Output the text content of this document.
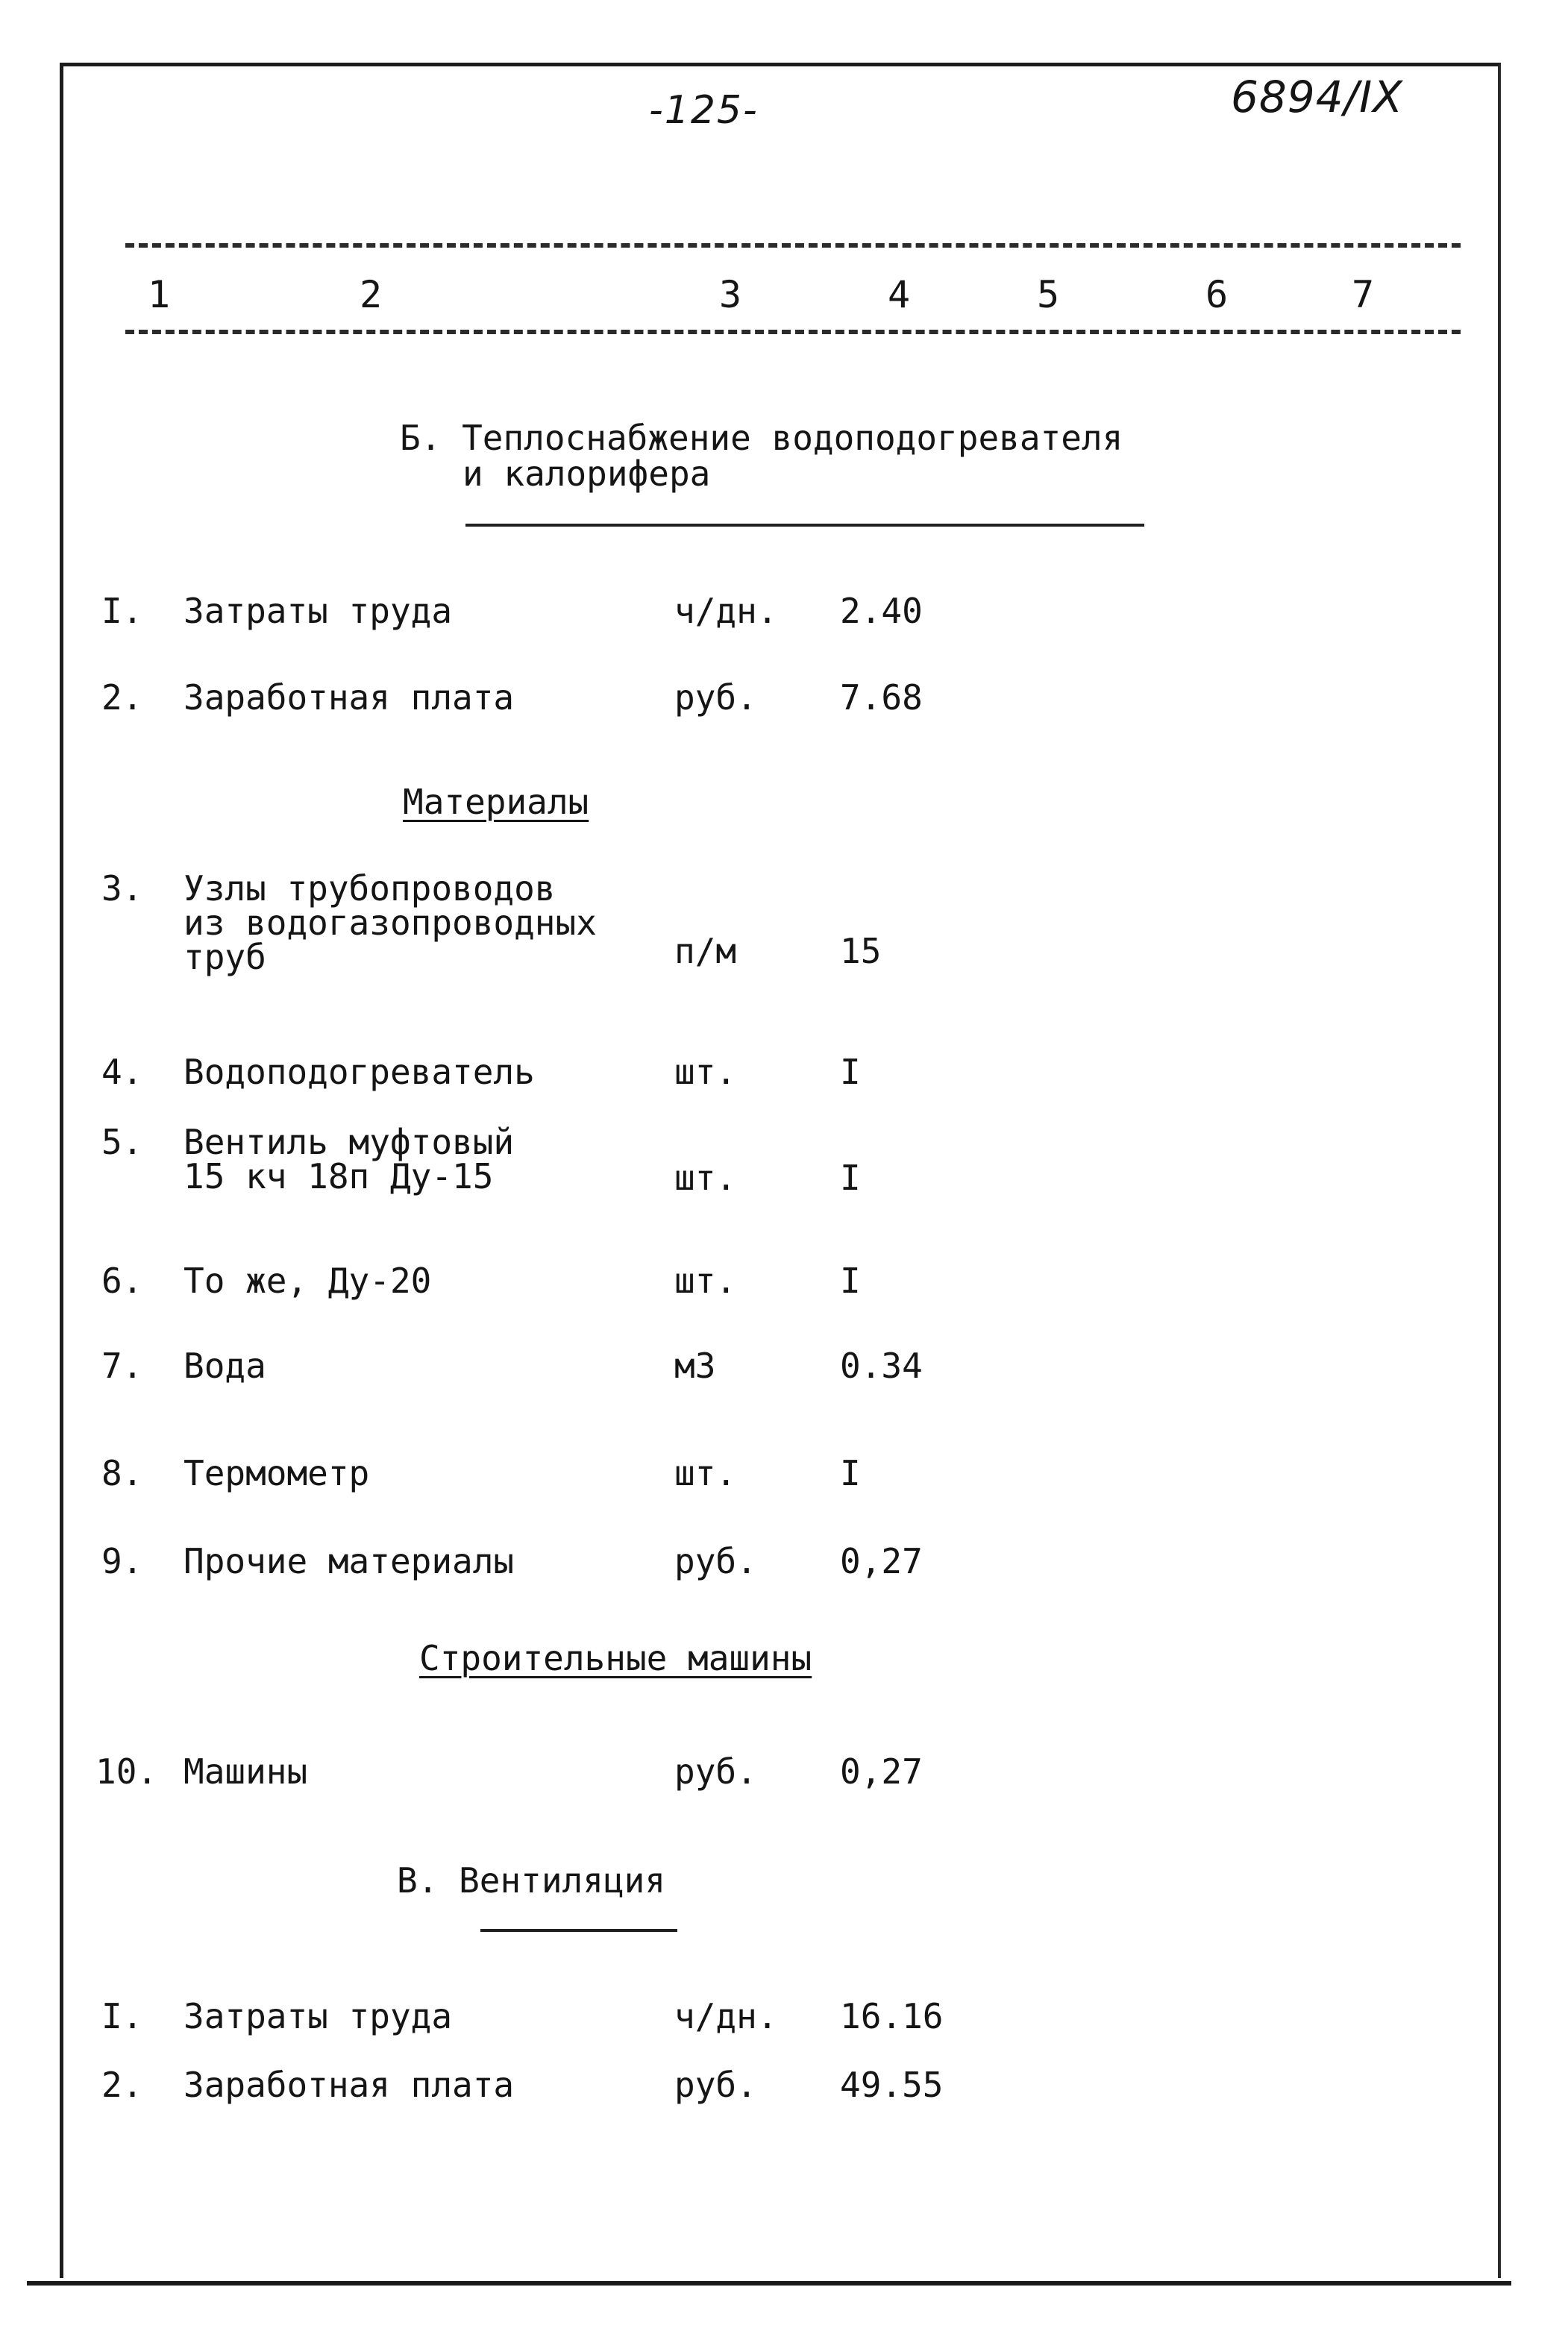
-125-	6894/IX
1	2	3	4	5	6	7
Б. Теплоснабжение водоподогревателя
и калорифера
I. Затраты труда	ч/дн. 2.40
2. Заработная плата	руб. 7.68
Материалы
3. Узлы трубопроводов
из водогазопроводных
труб	п/м	15
4. Водоподогреватель	шт.	I
5. Вентиль муфтовый
15 кч 18п Ду-15	шт.	I
6. То же, Ду-20	шт.	I
7. Вода	м3	0.34
8. Термометр	шт.	I
9. Прочие материалы	руб. 0,27
Строительные машины
10. Машины	руб. 0,27
В. Вентиляция
I. Затраты труда	ч/дн. 16.16
2. Заработная плата	руб. 49.55
